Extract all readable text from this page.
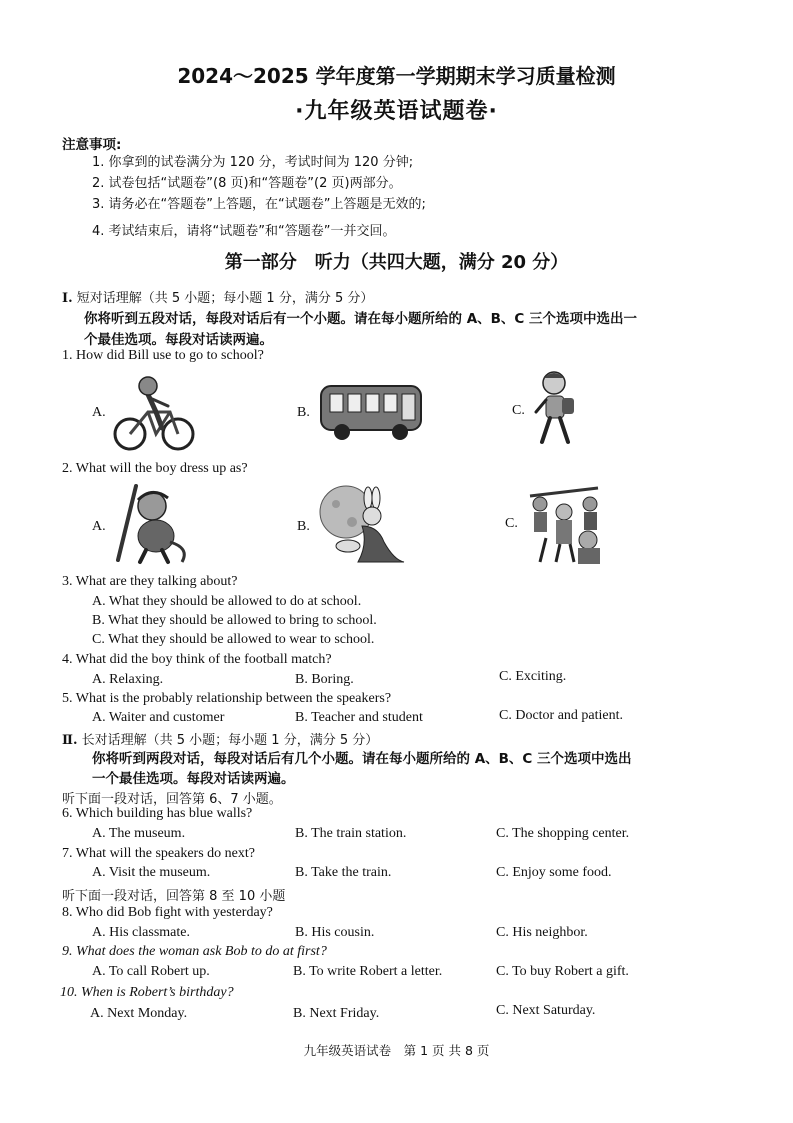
2024～2025 学年度第一学期期末学习质量检测
·九年级英语试题卷·
注意事项:
1. 你拿到的试卷满分为 120 分，考试时间为 120 分钟;
2. 试卷包括“试题卷”(8 页)和“答题卷”(2 页)两部分。
3. 请务必在“答题卷”上答题，在“试题卷”上答题是无效的;
4. 考试结束后，请将“试题卷”和“答题卷”一并交回。
第一部分　听力（共四大题，满分 20 分）
I. 短对话理解（共 5 小题；每小题 1 分，满分 5 分）
你将听到五段对话，每段对话后有一个小题。请在每小题所给的 A、B、C 三个选项中选出一
个最佳选项。每段对话读两遍。
1. How did Bill use to go to school?
A.	B.	C.
2. What will the boy dress up as?
A.	B.	C.
3. What are they talking about?
A. What they should be allowed to do at school.
B. What they should be allowed to bring to school.
C. What they should be allowed to wear to school.
4. What did the boy think of the football match?
A. Relaxing.	B. Boring.	C. Exciting.
5. What is the probably relationship between the speakers?
A. Waiter and customer	B. Teacher and student	C. Doctor and patient.
Ⅱ. 长对话理解（共 5 小题；每小题 1 分，满分 5 分）
你将听到两段对话，每段对话后有几个小题。请在每小题所给的 A、B、C 三个选项中选出
一个最佳选项。每段对话读两遍。
听下面一段对话，回答第 6、7 小题。
6. Which building has blue walls?
A. The museum.	B. The train station.	C. The shopping center.
7. What will the speakers do next?
A. Visit the museum.	B. Take the train.	C. Enjoy some food.
听下面一段对话，回答第 8 至 10 小题
8. Who did Bob fight with yesterday?
A. His classmate.	B. His cousin.	C. His neighbor.
9. What does the woman ask Bob to do at first?
A. To call Robert up.	B. To write Robert a letter.	C. To buy Robert a gift.
10. When is Robert’s birthday?
A. Next Monday.	B. Next Friday.	C. Next Saturday.
九年级英语试卷　第 1 页 共 8 页
